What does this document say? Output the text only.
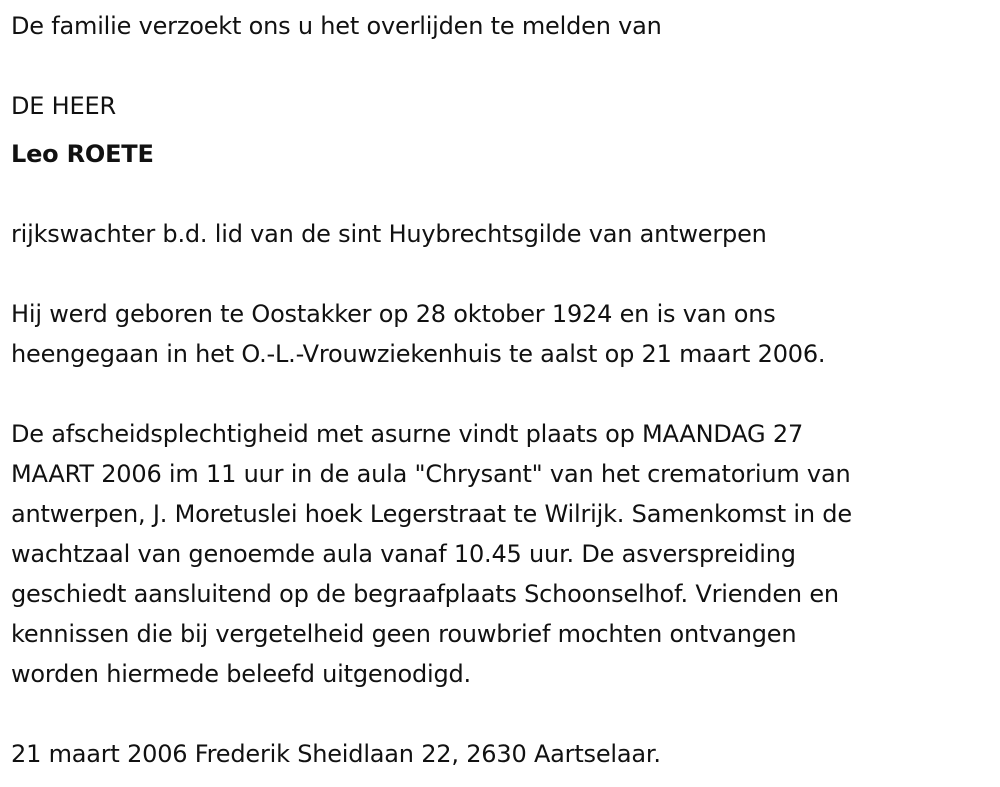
De familie verzoekt ons u het overlijden te melden van
DE HEER
Leo ROETE
rijkswachter b.d. lid van de sint Huybrechtsgilde van antwerpen
Hij werd geboren te Oostakker op 28 oktober 1924 en is van ons
heengegaan in het O.-L.-Vrouwziekenhuis te aalst op 21 maart 2006.
De afscheidsplechtigheid met asurne vindt plaats op MAANDAG 27
MAART 2006 im 11 uur in de aula "Chrysant" van het crematorium van
antwerpen, J. Moretuslei hoek Legerstraat te Wilrijk. Samenkomst in de
wachtzaal van genoemde aula vanaf 10.45 uur. De asverspreiding
geschiedt aansluitend op de begraafplaats Schoonselhof. Vrienden en
kennissen die bij vergetelheid geen rouwbrief mochten ontvangen
worden hiermede beleefd uitgenodigd.
21 maart 2006 Frederik Sheidlaan 22, 2630 Aartselaar.
